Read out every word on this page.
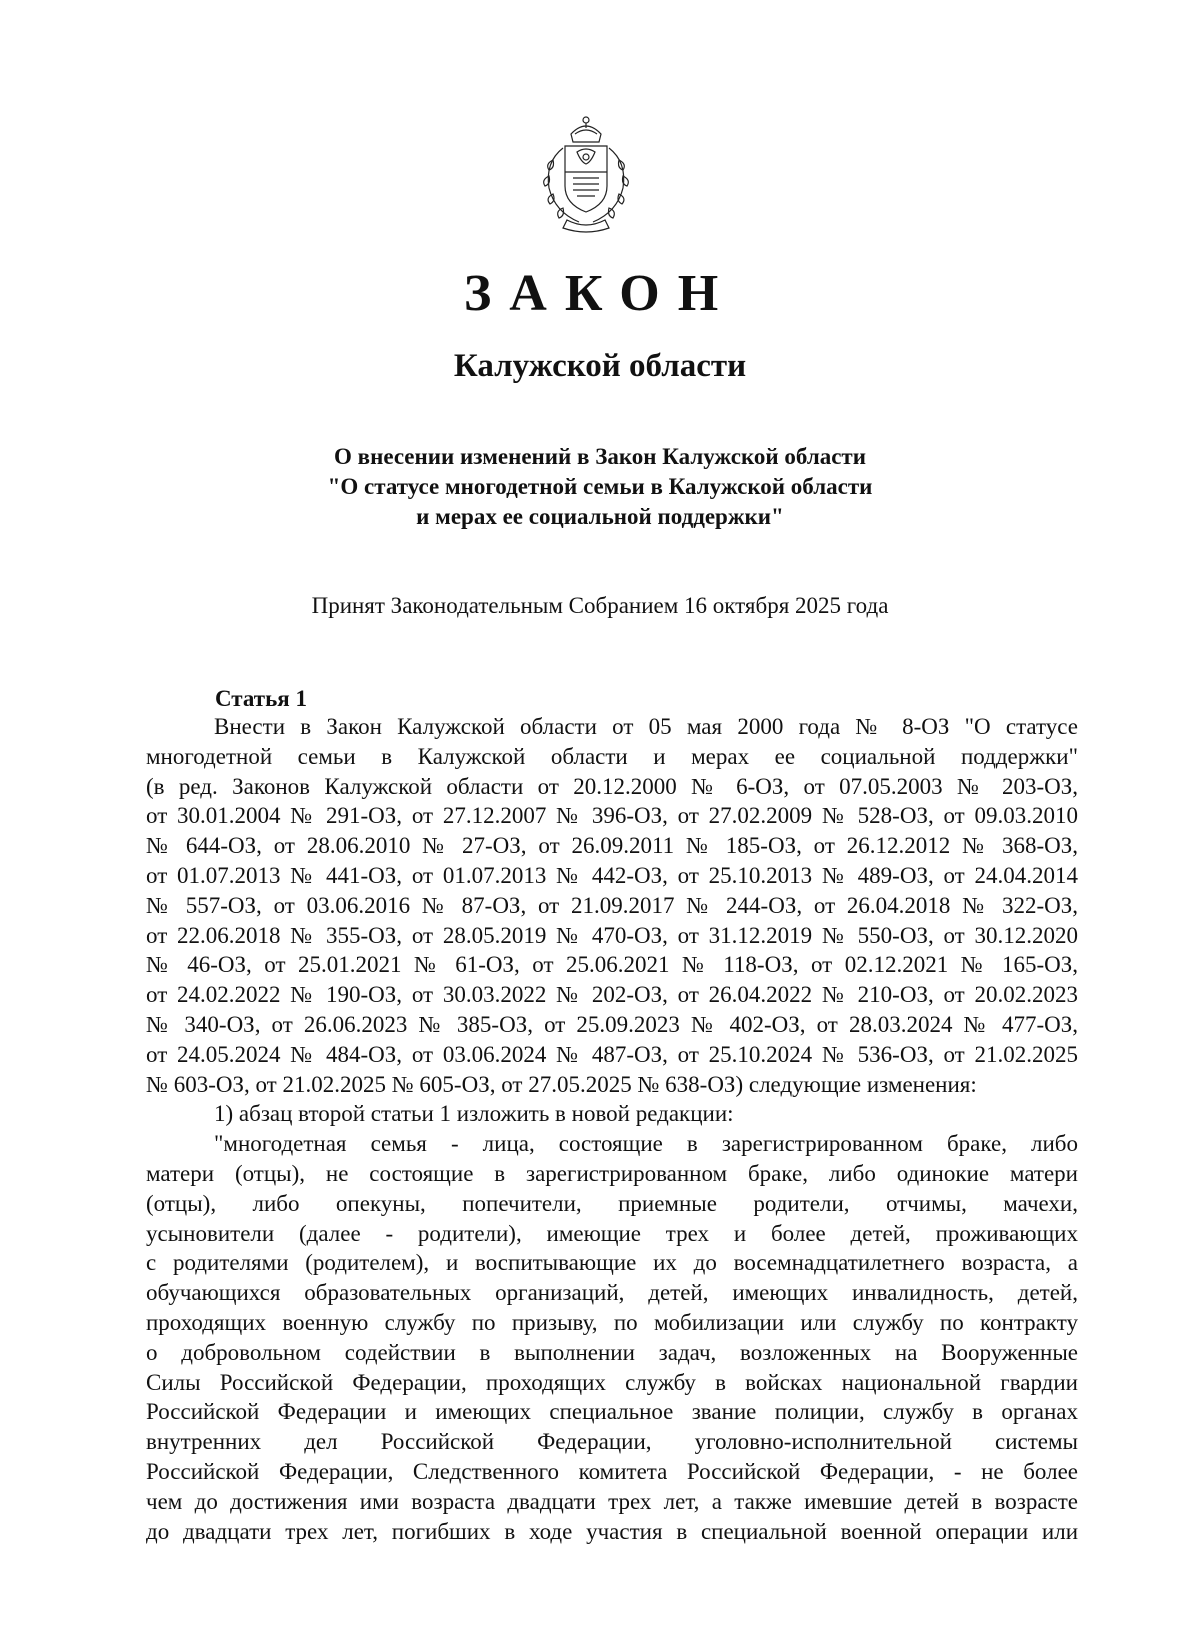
ЗАКОН
Калужской области
О внесении изменений в Закон Калужской области
"О статусе многодетной семьи в Калужской области
и мерах ее социальной поддержки"
Принят Законодательным Собранием 16 октября 2025 года
Статья 1
Внести в Закон Калужской области от 05 мая 2000 года № 8-ОЗ "О статусе
многодетной семьи в Калужской области и мерах ее социальной поддержки"
(в ред. Законов Калужской области от 20.12.2000 № 6-ОЗ, от 07.05.2003 № 203-ОЗ,
от 30.01.2004 № 291-ОЗ, от 27.12.2007 № 396-ОЗ, от 27.02.2009 № 528-ОЗ, от 09.03.2010
№ 644-ОЗ, от 28.06.2010 № 27-ОЗ, от 26.09.2011 № 185-ОЗ, от 26.12.2012 № 368-ОЗ,
от 01.07.2013 № 441-ОЗ, от 01.07.2013 № 442-ОЗ, от 25.10.2013 № 489-ОЗ, от 24.04.2014
№ 557-ОЗ, от 03.06.2016 № 87-ОЗ, от 21.09.2017 № 244-ОЗ, от 26.04.2018 № 322-ОЗ,
от 22.06.2018 № 355-ОЗ, от 28.05.2019 № 470-ОЗ, от 31.12.2019 № 550-ОЗ, от 30.12.2020
№ 46-ОЗ, от 25.01.2021 № 61-ОЗ, от 25.06.2021 № 118-ОЗ, от 02.12.2021 № 165-ОЗ,
от 24.02.2022 № 190-ОЗ, от 30.03.2022 № 202-ОЗ, от 26.04.2022 № 210-ОЗ, от 20.02.2023
№ 340-ОЗ, от 26.06.2023 № 385-ОЗ, от 25.09.2023 № 402-ОЗ, от 28.03.2024 № 477-ОЗ,
от 24.05.2024 № 484-ОЗ, от 03.06.2024 № 487-ОЗ, от 25.10.2024 № 536-ОЗ, от 21.02.2025
№ 603-ОЗ, от 21.02.2025 № 605-ОЗ, от 27.05.2025 № 638-ОЗ) следующие изменения:
1) абзац второй статьи 1 изложить в новой редакции:
"многодетная семья - лица, состоящие в зарегистрированном браке, либо
матери (отцы), не состоящие в зарегистрированном браке, либо одинокие матери
(отцы), либо опекуны, попечители, приемные родители, отчимы, мачехи,
усыновители (далее - родители), имеющие трех и более детей, проживающих
с родителями (родителем), и воспитывающие их до восемнадцатилетнего возраста, а
обучающихся образовательных организаций, детей, имеющих инвалидность, детей,
проходящих военную службу по призыву, по мобилизации или службу по контракту
о добровольном содействии в выполнении задач, возложенных на Вооруженные
Силы Российской Федерации, проходящих службу в войсках национальной гвардии
Российской Федерации и имеющих специальное звание полиции, службу в органах
внутренних дел Российской Федерации, уголовно-исполнительной системы
Российской Федерации, Следственного комитета Российской Федерации, - не более
чем до достижения ими возраста двадцати трех лет, а также имевшие детей в возрасте
до двадцати трех лет, погибших в ходе участия в специальной военной операции или
